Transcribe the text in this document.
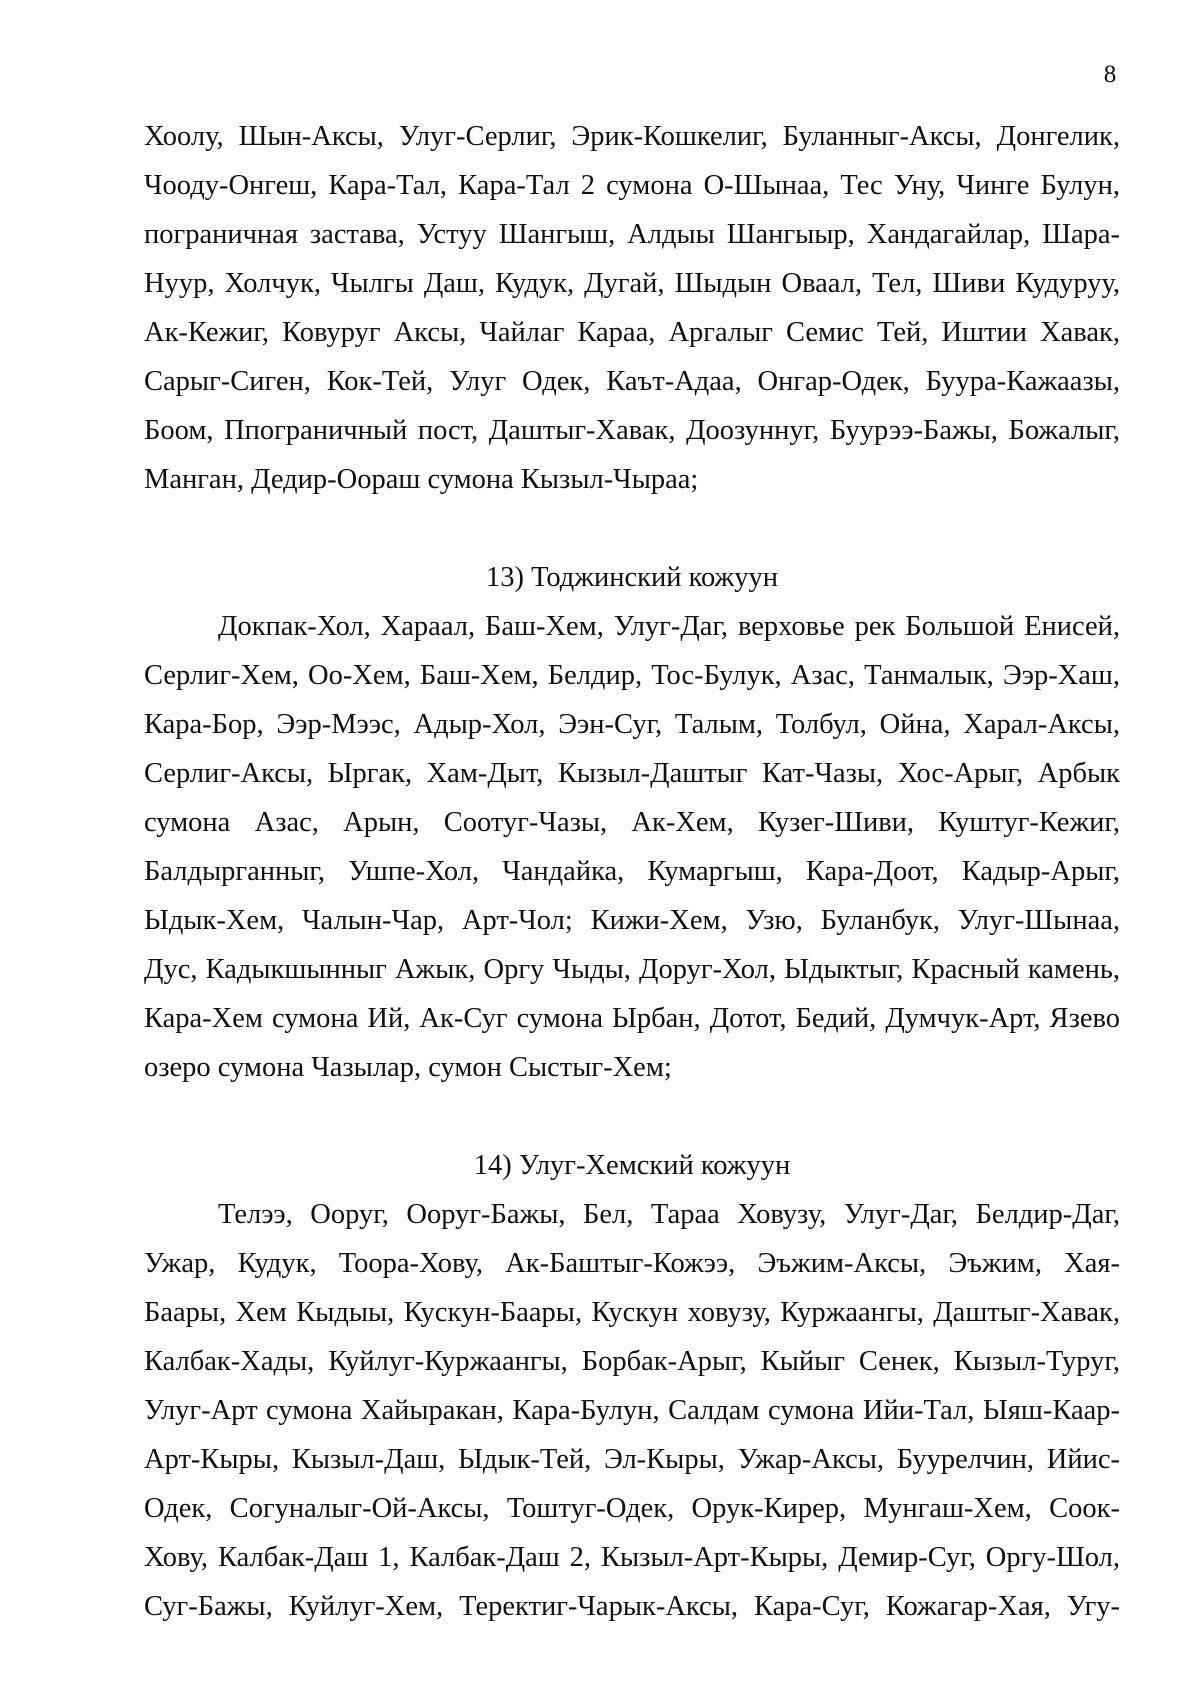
8
Хоолу, Шын-Аксы, Улуг-Серлиг, Эрик-Кошкелиг, Буланныг-Аксы, Донгелик,
Чооду-Онгеш, Кара-Тал, Кара-Тал 2 сумона О-Шынаа, Тес Уну, Чинге Булун,
пограничная застава, Устуу Шангыш, Алдыы Шангыыр, Хандагайлар, Шара-
Нуур, Холчук, Чылгы Даш, Кудук, Дугай, Шыдын Оваал, Тел, Шиви Кудуруу,
Ак-Кежиг, Ковуруг Аксы, Чайлаг Караа, Аргалыг Семис Тей, Иштии Хавак,
Сарыг-Сиген, Кок-Тей, Улуг Одек, Каът-Адаа, Онгар-Одек, Буура-Кажаазы,
Боом, Ппограничный пост, Даштыг-Хавак, Доозуннуг, Буурээ-Бажы, Божалыг,
Манган, Дедир-Оораш сумона Кызыл-Чыраа;

13) Тоджинский кожуун

Докпак-Хол, Хараал, Баш-Хем, Улуг-Даг, верховье рек Большой Енисей,
Серлиг-Хем, Оо-Хем, Баш-Хем, Белдир, Тос-Булук, Азас, Танмалык, Ээр-Хаш,
Кара-Бор, Ээр-Мээс, Адыр-Хол, Ээн-Суг, Талым, Толбул, Ойна, Харал-Аксы,
Серлиг-Аксы, Ыргак, Хам-Дыт, Кызыл-Даштыг Кат-Чазы, Хос-Арыг, Арбык
сумона Азас, Арын, Соотуг-Чазы, Ак-Хем, Кузег-Шиви, Куштуг-Кежиг,
Балдырганныг, Ушпе-Хол, Чандайка, Кумаргыш, Кара-Доот, Кадыр-Арыг,
Ыдык-Хем, Чалын-Чар, Арт-Чол; Кижи-Хем, Узю, Буланбук, Улуг-Шынаа,
Дус, Кадыкшынныг Ажык, Оргу Чыды, Доруг-Хол, Ыдыктыг, Красный камень,
Кара-Хем сумона Ий, Ак-Суг сумона Ырбан, Дотот, Бедий, Думчук-Арт, Язево
озеро сумона Чазылар, сумон Сыстыг-Хем;

14) Улуг-Хемский кожуун

Телээ, Ооруг, Ооруг-Бажы, Бел, Тараа Ховузу, Улуг-Даг, Белдир-Даг,
Ужар, Кудук, Тоора-Хову, Ак-Баштыг-Кожээ, Эъжим-Аксы, Эъжим, Хая-
Баары, Хем Кыдыы, Кускун-Баары, Кускун ховузу, Куржаангы, Даштыг-Хавак,
Калбак-Хады, Куйлуг-Куржаангы, Борбак-Арыг, Кыйыг Сенек, Кызыл-Туруг,
Улуг-Арт сумона Хайыракан, Кара-Булун, Салдам сумона Ийи-Тал, Ыяш-Каар-
Арт-Кыры, Кызыл-Даш, Ыдык-Тей, Эл-Кыры, Ужар-Аксы, Буурелчин, Ийис-
Одек, Согуналыг-Ой-Аксы, Тоштуг-Одек, Орук-Кирер, Мунгаш-Хем, Соок-
Хову, Калбак-Даш 1, Калбак-Даш 2, Кызыл-Арт-Кыры, Демир-Суг, Оргу-Шол,
Суг-Бажы, Куйлуг-Хем, Теректиг-Чарык-Аксы, Кара-Суг, Кожагар-Хая, Угу-
